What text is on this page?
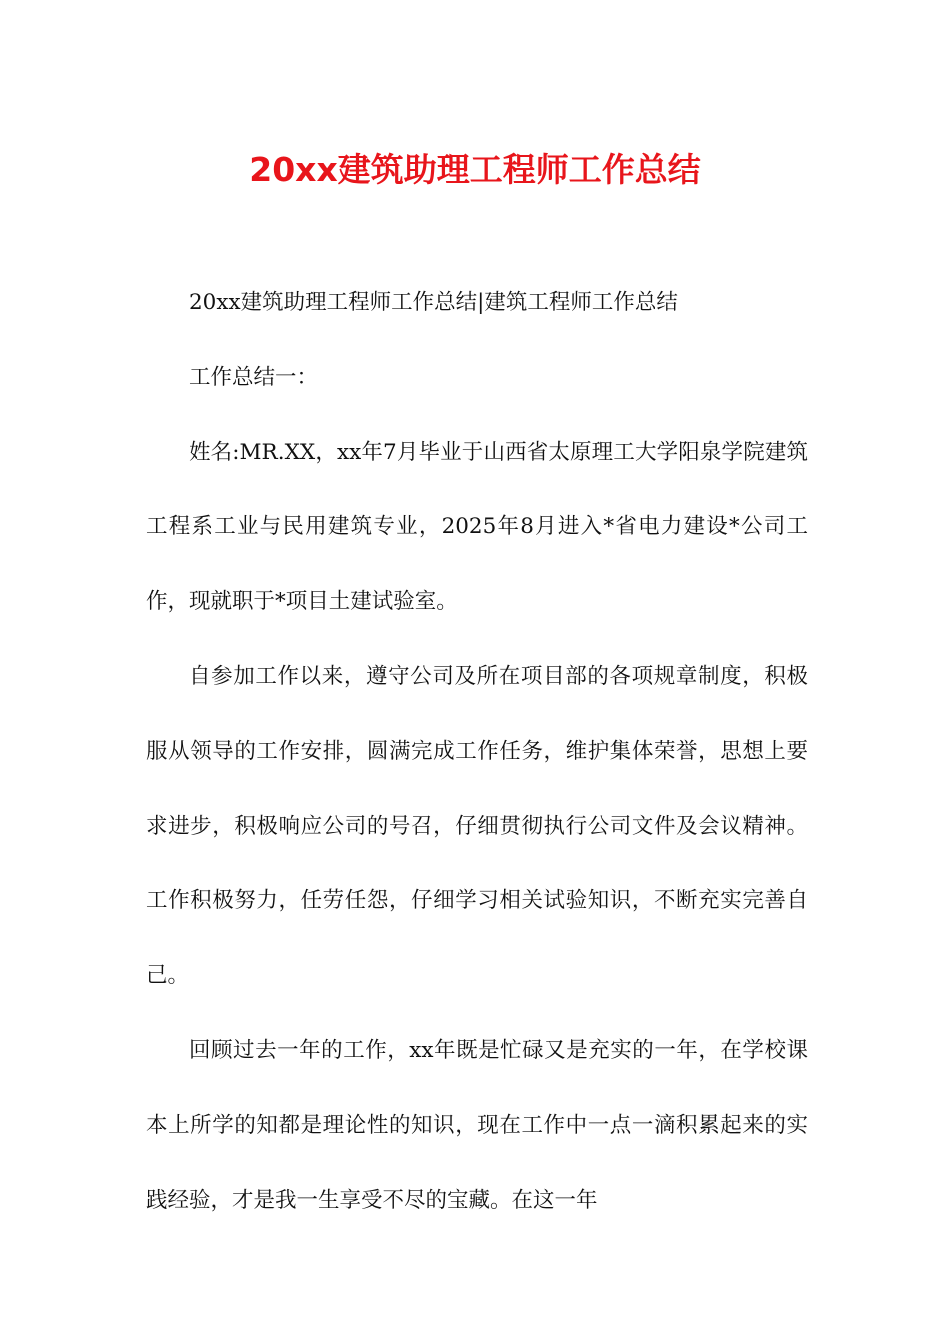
20xx建筑助理工程师工作总结

20xx建筑助理工程师工作总结|建筑工程师工作总结

工作总结一：

姓名:MR.XX，xx年7月毕业于山西省太原理工大学阳泉学院建筑工程系工业与民用建筑专业，2025年8月进入*省电力建设*公司工作，现就职于*项目土建试验室。

自参加工作以来，遵守公司及所在项目部的各项规章制度，积极服从领导的工作安排，圆满完成工作任务，维护集体荣誉，思想上要求进步，积极响应公司的号召，仔细贯彻执行公司文件及会议精神。工作积极努力，任劳任怨，仔细学习相关试验知识，不断充实完善自己。

回顾过去一年的工作，xx年既是忙碌又是充实的一年，在学校课本上所学的知都是理论性的知识，现在工作中一点一滴积累起来的实践经验，才是我一生享受不尽的宝藏。在这一年
